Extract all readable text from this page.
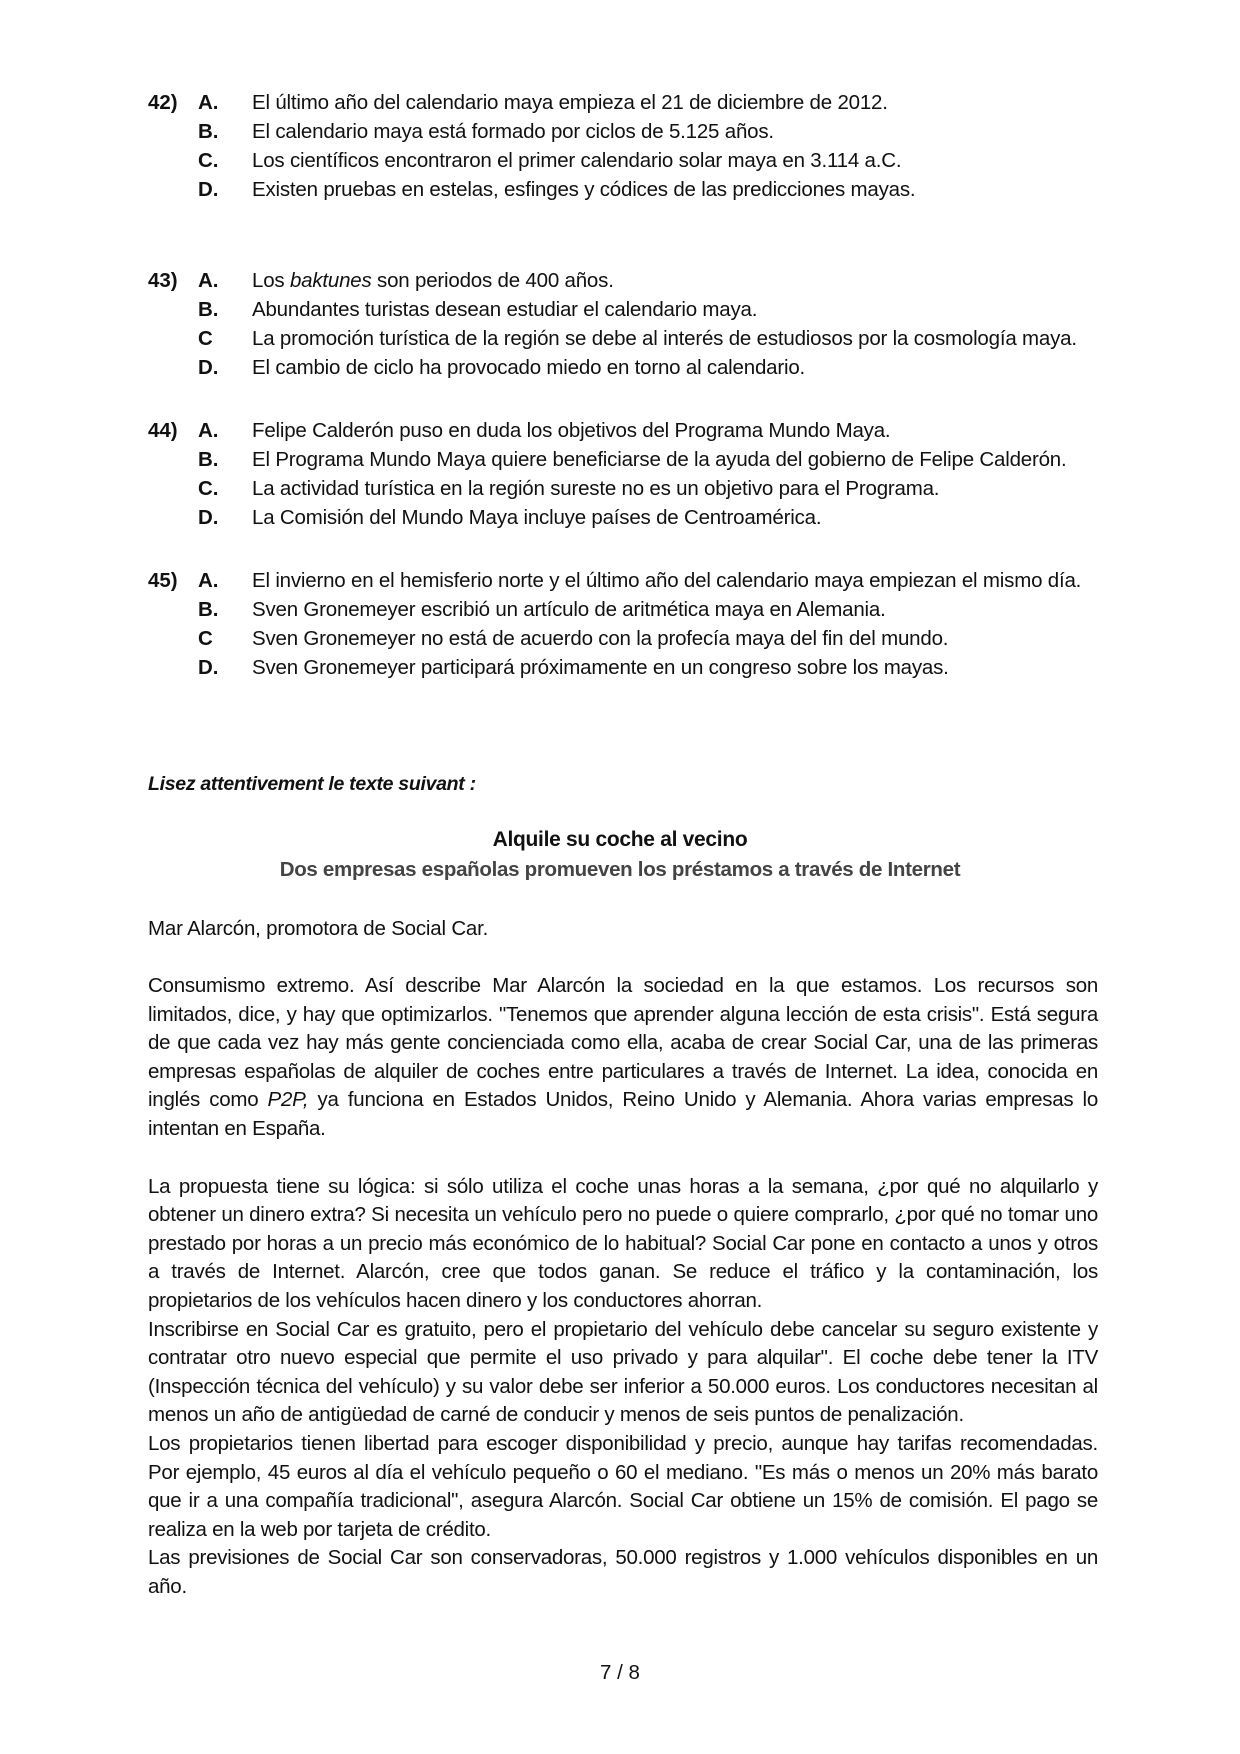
42) A.	El último año del calendario maya empieza el 21 de diciembre de 2012.
B.	El calendario maya está formado por ciclos de 5.125 años.
C.	Los científicos encontraron el primer calendario solar maya en 3.114 a.C.
D.	Existen pruebas en estelas, esfinges y códices de las predicciones mayas.
43) A.	Los baktunes son periodos de 400 años.
B.	Abundantes turistas desean estudiar el calendario maya.
C	La promoción turística de la región se debe al interés de estudiosos por la cosmología maya.
D.	El cambio de ciclo ha provocado miedo en torno al calendario.
44) A.	Felipe Calderón puso en duda los objetivos del Programa Mundo Maya.
B.	El Programa Mundo Maya quiere beneficiarse de la ayuda del gobierno de Felipe Calderón.
C.	La actividad turística en la región sureste no es un objetivo para el Programa.
D.	La Comisión del Mundo Maya incluye países de Centroamérica.
45) A.	El invierno en el hemisferio norte y el último año del calendario maya empiezan el mismo día.
B.	Sven Gronemeyer escribió un artículo de aritmética maya en Alemania.
C	Sven Gronemeyer no está de acuerdo con la profecía maya del fin del mundo.
D.	Sven Gronemeyer participará próximamente en un congreso sobre los mayas.
Lisez attentivement le texte suivant :
Alquile su coche al vecino
Dos empresas españolas promueven los préstamos a través de Internet
Mar Alarcón, promotora de Social Car.

Consumismo extremo. Así describe Mar Alarcón la sociedad en la que estamos. Los recursos son limitados, dice, y hay que optimizarlos. "Tenemos que aprender alguna lección de esta crisis". Está segura de que cada vez hay más gente concienciada como ella, acaba de crear Social Car, una de las primeras empresas españolas de alquiler de coches entre particulares a través de Internet. La idea, conocida en inglés como P2P, ya funciona en Estados Unidos, Reino Unido y Alemania. Ahora varias empresas lo intentan en España.

La propuesta tiene su lógica: si sólo utiliza el coche unas horas a la semana, ¿por qué no alquilarlo y obtener un dinero extra? Si necesita un vehículo pero no puede o quiere comprarlo, ¿por qué no tomar uno prestado por horas a un precio más económico de lo habitual? Social Car pone en contacto a unos y otros a través de Internet. Alarcón, cree que todos ganan. Se reduce el tráfico y la contaminación, los propietarios de los vehículos hacen dinero y los conductores ahorran.

Inscribirse en Social Car es gratuito, pero el propietario del vehículo debe cancelar su seguro existente y contratar otro nuevo especial que permite el uso privado y para alquilar". El coche debe tener la ITV (Inspección técnica del vehículo) y su valor debe ser inferior a 50.000 euros. Los conductores necesitan al menos un año de antigüedad de carné de conducir y menos de seis puntos de penalización.

Los propietarios tienen libertad para escoger disponibilidad y precio, aunque hay tarifas recomendadas. Por ejemplo, 45 euros al día el vehículo pequeño o 60 el mediano. "Es más o menos un 20% más barato que ir a una compañía tradicional", asegura Alarcón. Social Car obtiene un 15% de comisión. El pago se realiza en la web por tarjeta de crédito.

Las previsiones de Social Car son conservadoras, 50.000 registros y 1.000 vehículos disponibles en un año.

7 / 8
